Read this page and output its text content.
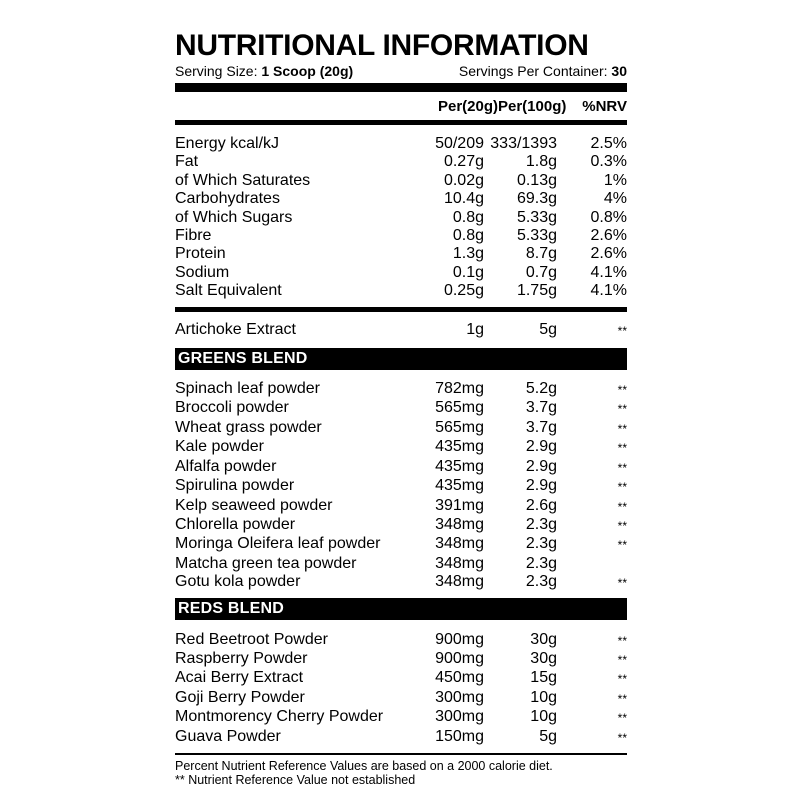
NUTRITIONAL INFORMATION
Serving Size: 1 Scoop (20g)	Servings Per Container: 30
Per(20g) Per(100g)	%NRV
Energy kcal/kJ	50/209 333/1393	2.5%
Fat	0.27g	1.8g	0.3%
of Which Saturates	0.02g	0.13g	1%
Carbohydrates	10.4g	69.3g	4%
of Which Sugars	0.8g	5.33g	0.8%
Fibre	0.8g	5.33g	2.6%
Protein	1.3g	8.7g	2.6%
Sodium	0.1g	0.7g	4.1%
Salt Equivalent	0.25g	1.75g	4.1%
Artichoke Extract	1g	5g	**
GREENS BLEND
Spinach leaf powder	782mg	5.2g	**
Broccoli powder	565mg	3.7g	**
Wheat grass powder	565mg	3.7g	**
Kale powder	435mg	2.9g	**
Alfalfa powder	435mg	2.9g	**
Spirulina powder	435mg	2.9g	**
Kelp seaweed powder	391mg	2.6g	**
Chlorella powder	348mg	2.3g	**
Moringa Oleifera leaf powder	348mg	2.3g	**
Matcha green tea powder	348mg	2.3g
Gotu kola powder	348mg	2.3g	**
REDS BLEND
Red Beetroot Powder	900mg	30g	**
Raspberry Powder	900mg	30g	**
Acai Berry Extract	450mg	15g	**
Goji Berry Powder	300mg	10g	**
Montmorency Cherry Powder	300mg	10g	**
Guava Powder	150mg	5g	**
Percent Nutrient Reference Values are based on a 2000 calorie diet.
** Nutrient Reference Value not established
